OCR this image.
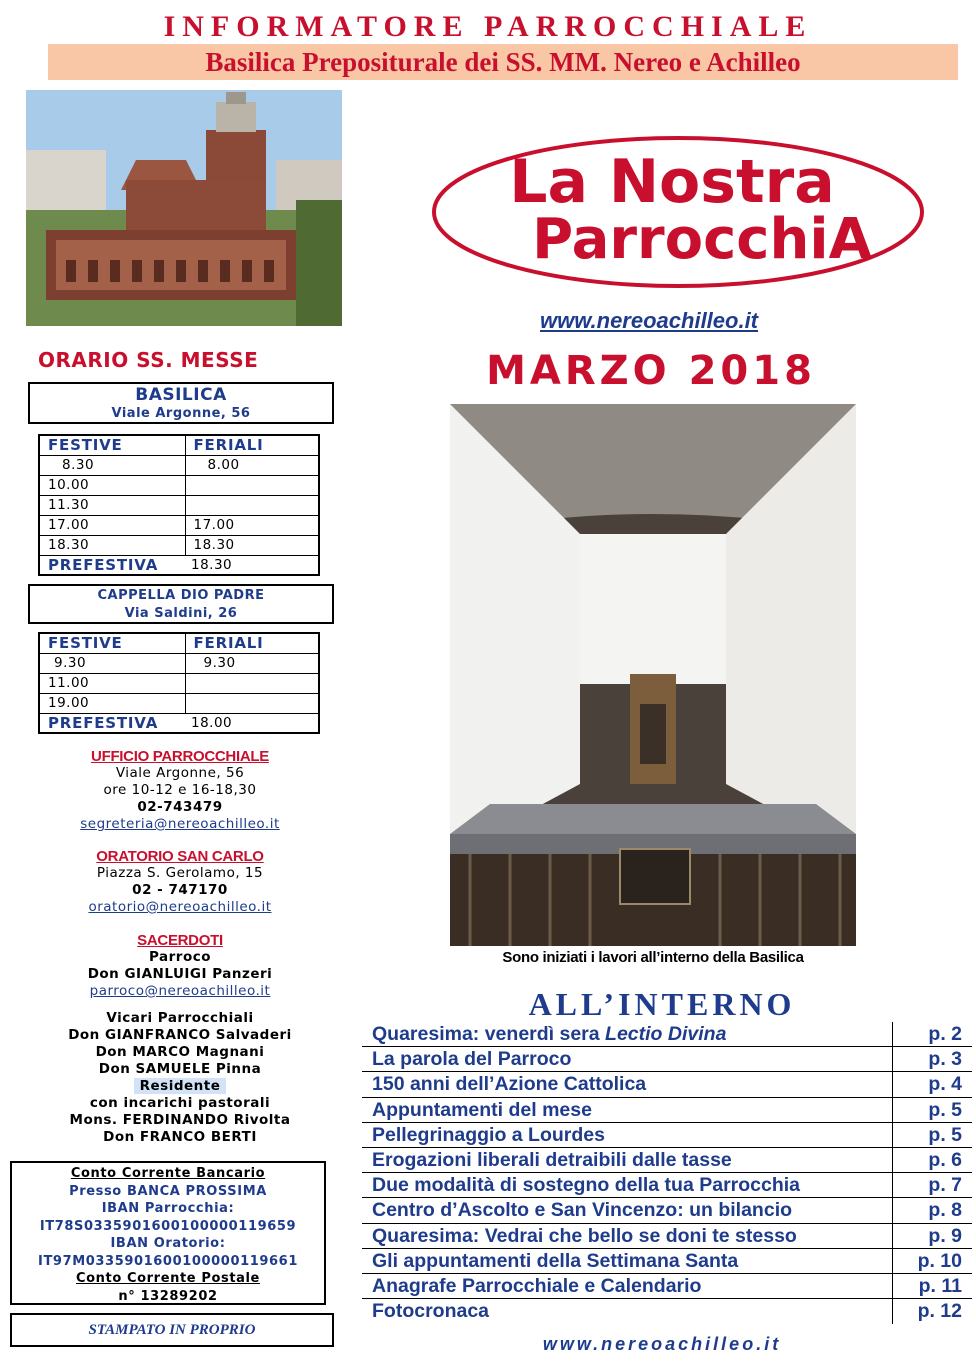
INFORMATORE PARROCCHIALE
Basilica Prepositurale dei SS. MM. Nereo e Achilleo
La Nostra
ParrocchiA
www.nereoachilleo.it
MARZO 2018
Sono iniziati i lavori all’interno della Basilica
ORARIO SS. MESSE
BASILICA
Viale Argonne, 56
FESTIVE	FERIALI
8.30	8.00
10.00	
11.30	
17.00	17.00
18.30	18.30
PREFESTIVA	18.30
CAPPELLA DIO PADRE
Via Saldini, 26
FESTIVE	FERIALI
9.30	9.30
11.00	
19.00	
PREFESTIVA	18.00
UFFICIO PARROCCHIALE
Viale Argonne, 56
ore 10-12 e 16-18,30
02-743479
segreteria@nereoachilleo.it
ORATORIO SAN CARLO
Piazza S. Gerolamo, 15
02 - 747170
oratorio@nereoachilleo.it
SACERDOTI
Parroco
Don GIANLUIGI Panzeri
parroco@nereoachilleo.it
Vicari Parrocchiali
Don GIANFRANCO Salvaderi
Don MARCO Magnani
Don SAMUELE Pinna
Residente
con incarichi pastorali
Mons. FERDINANDO Rivolta
Don FRANCO BERTI
Conto Corrente Bancario
Presso BANCA PROSSIMA
IBAN Parrocchia:
IT78S0335901600100000119659
IBAN Oratorio:
IT97M0335901600100000119661
Conto Corrente Postale
n° 13289202
STAMPATO IN PROPRIO
ALL’INTERNO
Quaresima: venerdì sera Lectio Divina	p. 2
La parola del Parroco	p. 3
150 anni dell’Azione Cattolica	p. 4
Appuntamenti del mese	p. 5
Pellegrinaggio a Lourdes	p. 5
Erogazioni liberali detraibili dalle tasse	p. 6
Due modalità di sostegno della tua Parrocchia	p. 7
Centro d’Ascolto e San Vincenzo: un bilancio	p. 8
Quaresima: Vedrai che bello se doni te stesso	p. 9
Gli appuntamenti della Settimana Santa	p. 10
Anagrafe Parrocchiale e Calendario	p. 11
Fotocronaca	p. 12
www.nereoachilleo.it
